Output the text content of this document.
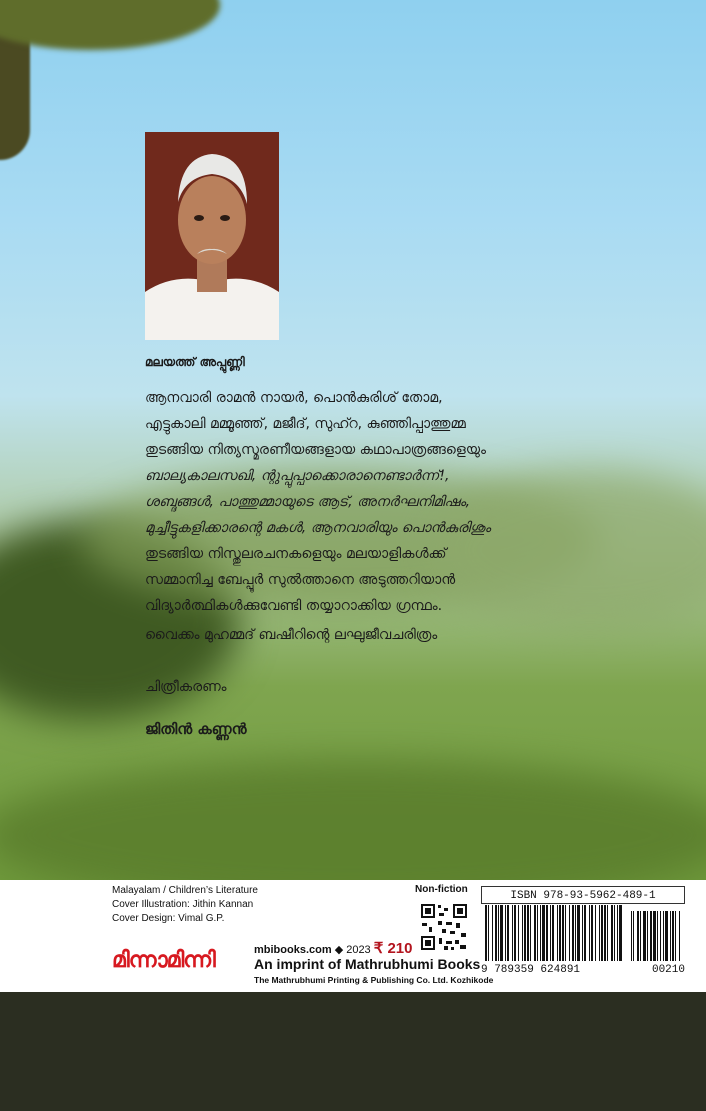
മലയത്ത് അപ്പുണ്ണി

ആനവാരി രാമൻ നായർ, പൊൻകുരിശ് തോമ,

എട്ടുകാലി മമ്മൂഞ്ഞ്, മജീദ്, സുഹ്റ, കുഞ്ഞിപ്പാത്തുമ്മ

തുടങ്ങിയ നിത്യസ്മരണീയങ്ങളായ കഥാപാത്രങ്ങളെയും

ബാല്യകാലസഖി, ന്റുപ്പുപ്പാക്കൊരാനെണ്ടാർന്ന്!,

ശബ്ദങ്ങൾ, പാത്തുമ്മായുടെ ആട്, അനർഘനിമിഷം,

മുച്ചീട്ടുകളിക്കാരന്റെ മകൾ, ആനവാരിയും പൊൻകുരിശും

തുടങ്ങിയ നിസ്തുലരചനകളെയും മലയാളികൾക്ക്

സമ്മാനിച്ച ബേപ്പൂർ സുൽത്താനെ അടുത്തറിയാൻ

വിദ്യാർത്ഥികൾക്കുവേണ്ടി തയ്യാറാക്കിയ ഗ്രന്ഥം.

വൈക്കം മുഹമ്മദ് ബഷീറിന്റെ ലഘുജീവചരിത്രം
ചിത്രീകരണം
ജിതിൻ കണ്ണൻ
Malayalam / Children’s Literature
Cover Illustration: Jithin Kannan
Cover Design: Vimal G.P.
Non-fiction
ISBN 978-93-5962-489-1
9 789359 624891	00210
mbibooks.com ◆ 2023 ₹ 210
മിന്നാമിന്നി	An imprint of Mathrubhumi Books
The Mathrubhumi Printing & Publishing Co. Ltd. Kozhikode
